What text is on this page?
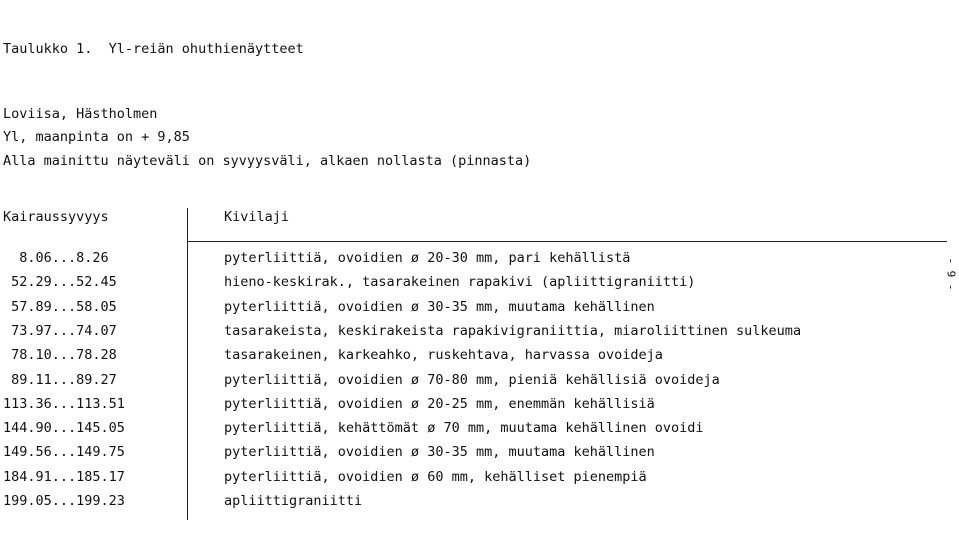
Taulukko 1.  Yl-reiän ohuthienäytteet
Loviisa, Hästholmen
Yl, maanpinta on + 9,85
Alla mainittu näyteväli on syvyysväli, alkaen nollasta (pinnasta)
Kairaussyvyys	Kivilaji
8.06...8.26	pyterliittiä, ovoidien ø 20-30 mm, pari kehällistä
52.29...52.45	hieno-keskirak., tasarakeinen rapakivi (apliittigraniitti)
57.89...58.05	pyterliittiä, ovoidien ø 30-35 mm, muutama kehällinen
73.97...74.07	tasarakeista, keskirakeista rapakivigraniittia, miaroliittinen sulkeuma
78.10...78.28	tasarakeinen, karkeahko, ruskehtava, harvassa ovoideja
89.11...89.27	pyterliittiä, ovoidien ø 70-80 mm, pieniä kehällisiä ovoideja
113.36...113.51	pyterliittiä, ovoidien ø 20-25 mm, enemmän kehällisiä
144.90...145.05	pyterliittiä, kehättömät ø 70 mm, muutama kehällinen ovoidi
149.56...149.75	pyterliittiä, ovoidien ø 30-35 mm, muutama kehällinen
184.91...185.17	pyterliittiä, ovoidien ø 60 mm, kehälliset pienempiä
199.05...199.23	apliittigraniitti
- 9 -
